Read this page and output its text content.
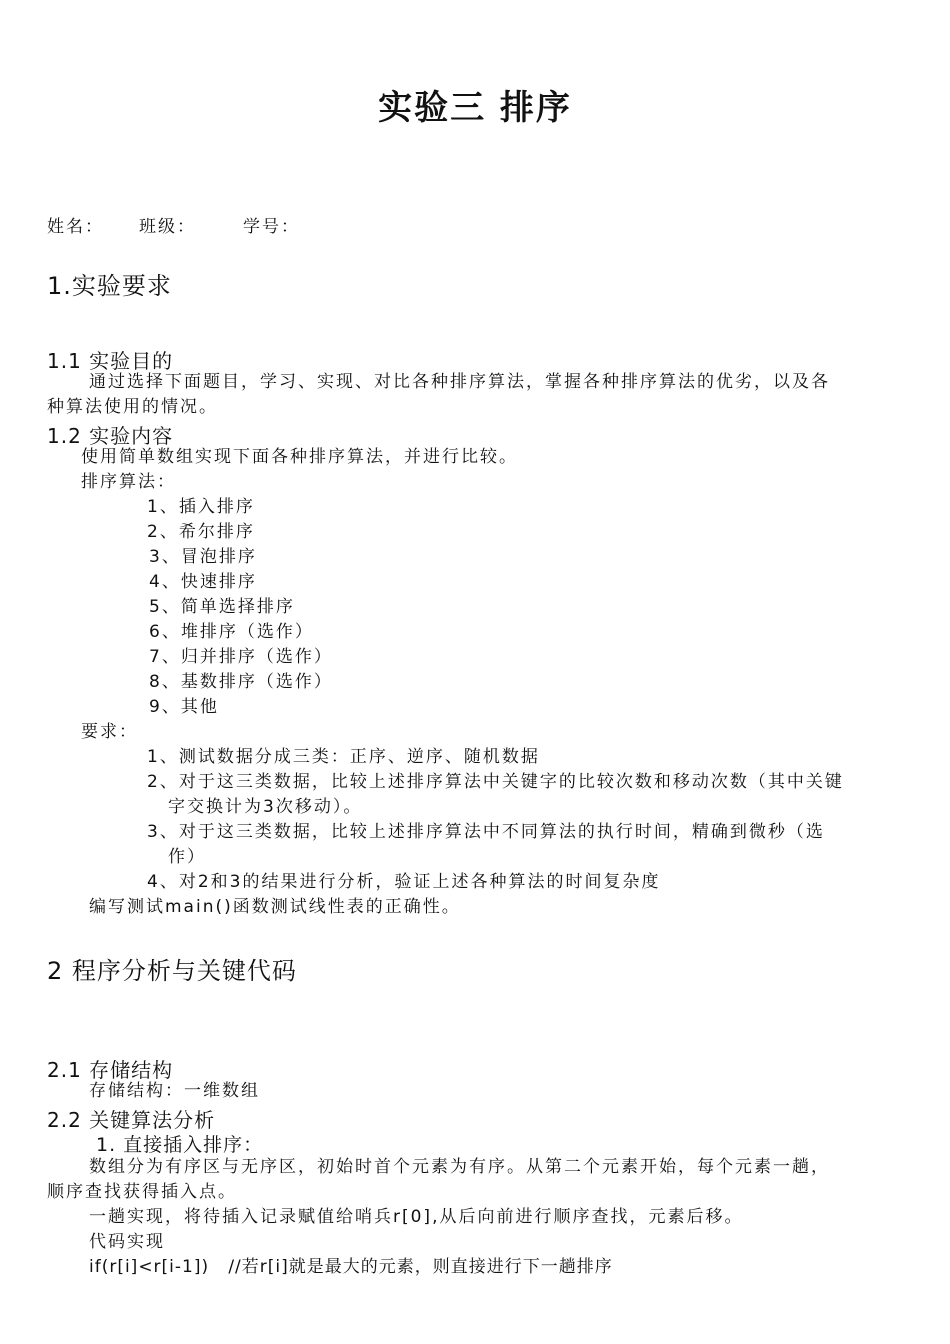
实验三 排序
姓名： 班级：	学号：
1.实验要求
1.1 实验目的
通过选择下面题目，学习、实现、对比各种排序算法，掌握各种排序算法的优劣，以及各
种算法使用的情况。
1.2 实验内容
使用简单数组实现下面各种排序算法，并进行比较。
排序算法：
1、插入排序
2、希尔排序
3、冒泡排序
4、快速排序
5、简单选择排序
6、堆排序（选作）
7、归并排序（选作）
8、基数排序（选作）
9、其他
要求：
1、测试数据分成三类：正序、逆序、随机数据
2、对于这三类数据，比较上述排序算法中关键字的比较次数和移动次数（其中关键
字交换计为3次移动）。
3、对于这三类数据，比较上述排序算法中不同算法的执行时间，精确到微秒（选
作）
4、对2和3的结果进行分析，验证上述各种算法的时间复杂度
编写测试main()函数测试线性表的正确性。
2 程序分析与关键代码
2.1 存储结构
存储结构：一维数组
2.2 关键算法分析
1. 直接插入排序：
数组分为有序区与无序区，初始时首个元素为有序。从第二个元素开始，每个元素一趟，
顺序查找获得插入点。
一趟实现，将待插入记录赋值给哨兵r[0],从后向前进行顺序查找，元素后移。
代码实现
if(r[i]<r[i-1])   //若r[i]就是最大的元素，则直接进行下一趟排序
